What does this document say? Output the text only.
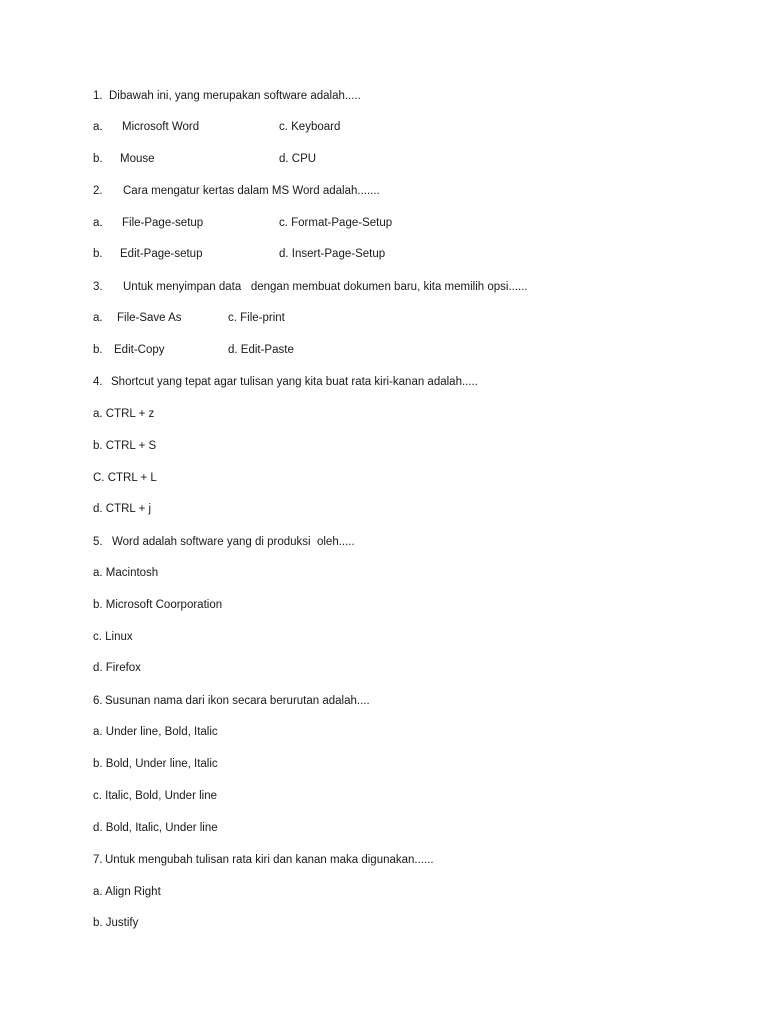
1.

Dibawah ini, yang merupakan software adalah.....

a.

Microsoft Word

	c. Keyboard

b.

Mouse

	d. CPU

2.

Cara mengatur kertas dalam MS Word adalah.......

a.

File-Page-setup

	c. Format-Page-Setup

b.

Edit-Page-setup

	d. Insert-Page-Setup

3.

Untuk menyimpan data   dengan membuat dokumen baru, kita memilih opsi......

a.

File-Save As

	c. File-print

b.

Edit-Copy

	d. Edit-Paste

4.

Shortcut yang tepat agar tulisan yang kita buat rata kiri-kanan adalah.....

a. CTRL + z
b. CTRL + S
C. CTRL + L
d. CTRL + j

5.

Word adalah software yang di produksi  oleh.....

a. Macintosh
b. Microsoft Coorporation
c. Linux
d. Firefox

6.

Susunan nama dari ikon secara berurutan adalah....

a. Under line, Bold, Italic
b. Bold, Under line, Italic
c. Italic, Bold, Under line
d. Bold, Italic, Under line

7.

Untuk mengubah tulisan rata kiri dan kanan maka digunakan......

a. Align Right
b. Justify
